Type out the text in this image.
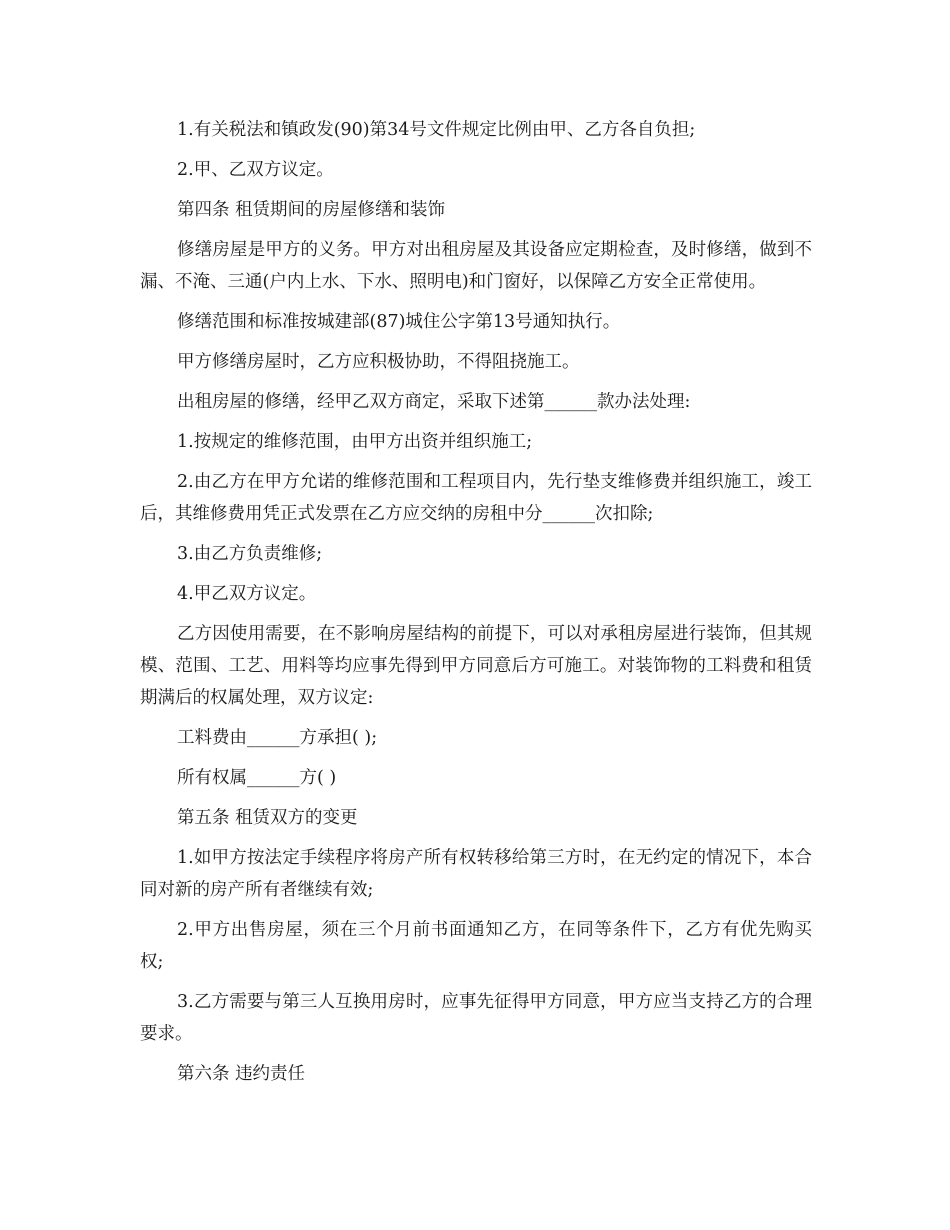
1.有关税法和镇政发(90)第34号文件规定比例由甲、乙方各自负担;

2.甲、乙双方议定。

第四条 租赁期间的房屋修缮和装饰

修缮房屋是甲方的义务。甲方对出租房屋及其设备应定期检查，及时修缮，做到不漏、不淹、三通(户内上水、下水、照明电)和门窗好，以保障乙方安全正常使用。

修缮范围和标准按城建部(87)城住公字第13号通知执行。

甲方修缮房屋时，乙方应积极协助，不得阻挠施工。

出租房屋的修缮，经甲乙双方商定，采取下述第______款办法处理:

1.按规定的维修范围，由甲方出资并组织施工;

2.由乙方在甲方允诺的维修范围和工程项目内，先行垫支维修费并组织施工，竣工后，其维修费用凭正式发票在乙方应交纳的房租中分______次扣除;

3.由乙方负责维修;

4.甲乙双方议定。

乙方因使用需要，在不影响房屋结构的前提下，可以对承租房屋进行装饰，但其规模、范围、工艺、用料等均应事先得到甲方同意后方可施工。对装饰物的工料费和租赁期满后的权属处理，双方议定:

工料费由______方承担( );

所有权属______方( )

第五条 租赁双方的变更

1.如甲方按法定手续程序将房产所有权转移给第三方时，在无约定的情况下，本合同对新的房产所有者继续有效;

2.甲方出售房屋，须在三个月前书面通知乙方，在同等条件下，乙方有优先购买权;

3.乙方需要与第三人互换用房时，应事先征得甲方同意，甲方应当支持乙方的合理要求。

第六条 违约责任
